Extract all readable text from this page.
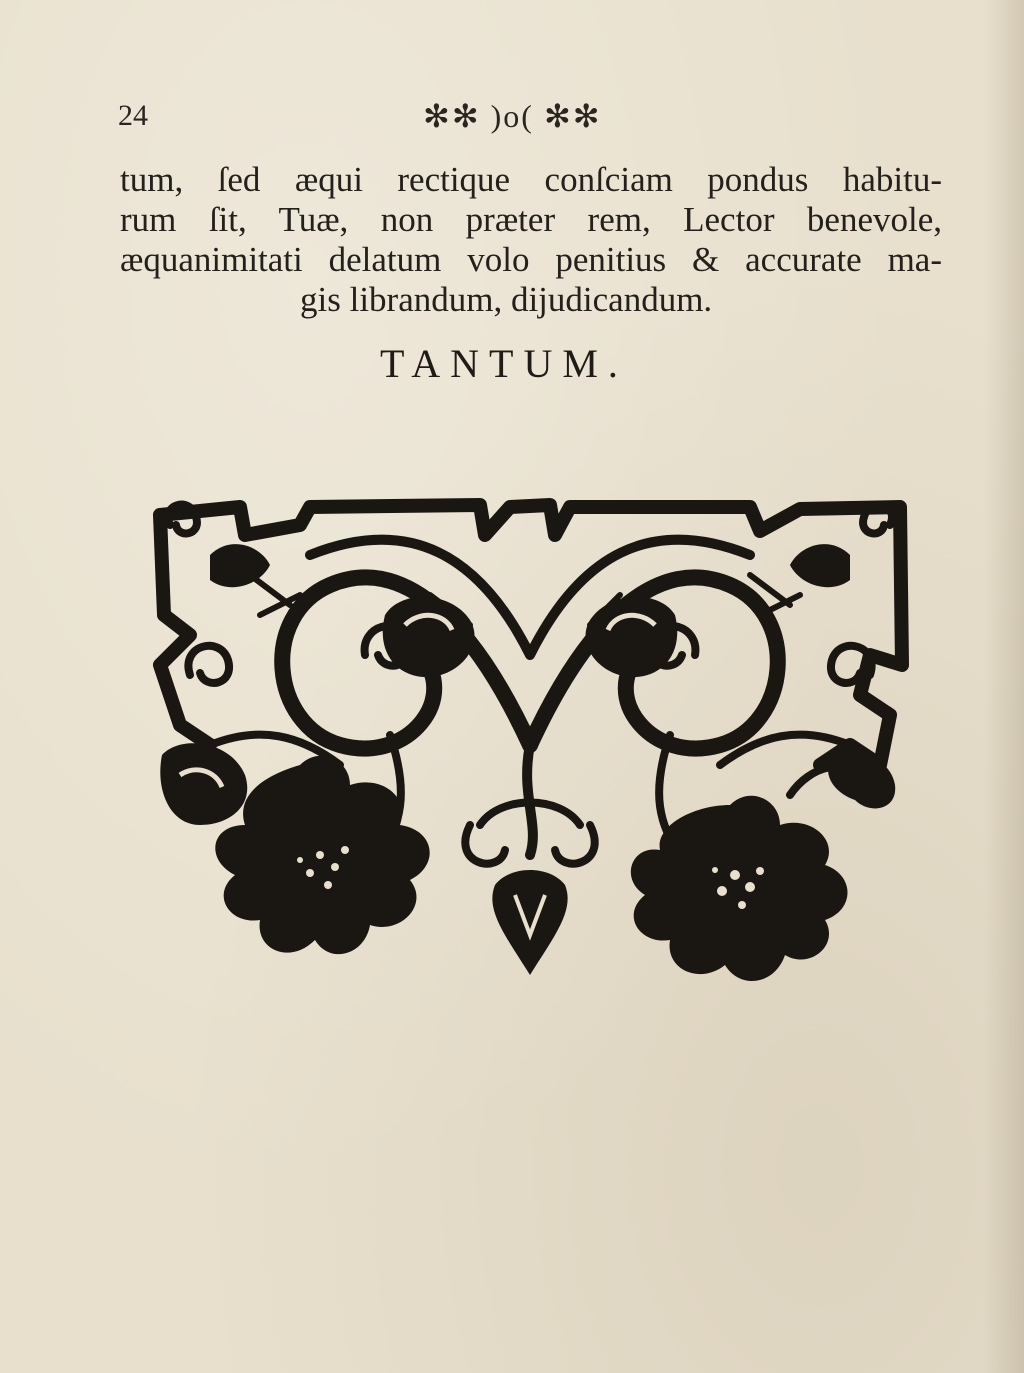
24	✻✻ )o( ✻✻
tum, ſed æqui rectique conſciam pondus habitu-
rum ſit, Tuæ, non præter rem, Lector benevole,
æquanimitati delatum volo penitius & accurate ma-
gis librandum, dijudicandum.
TANTUM.
